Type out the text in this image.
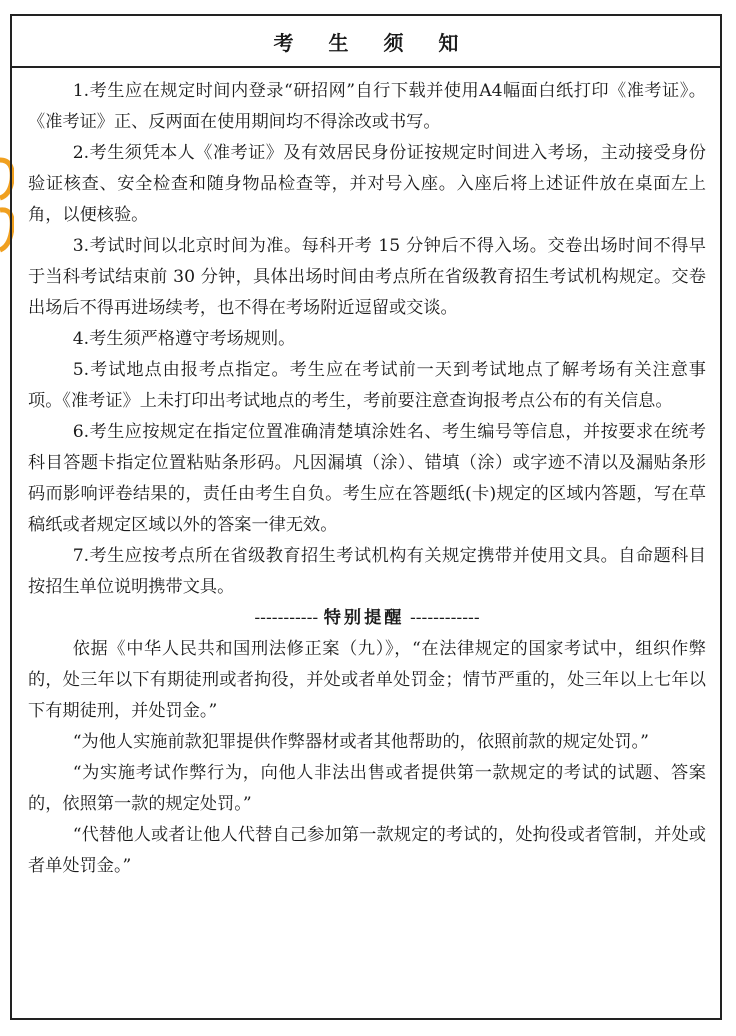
考 生 须 知

1.考生应在规定时间内登录“研招网”自行下载并使用A4幅面白纸打印《准考证》。《准考证》正、反两面在使用期间均不得涂改或书写。

2.考生须凭本人《准考证》及有效居民身份证按规定时间进入考场，主动接受身份验证核查、安全检查和随身物品检查等，并对号入座。入座后将上述证件放在桌面左上角，以便核验。

3.考试时间以北京时间为准。每科开考 15 分钟后不得入场。交卷出场时间不得早于当科考试结束前 30 分钟，具体出场时间由考点所在省级教育招生考试机构规定。交卷出场后不得再进场续考，也不得在考场附近逗留或交谈。

4.考生须严格遵守考场规则。

5.考试地点由报考点指定。考生应在考试前一天到考试地点了解考场有关注意事项。《准考证》上未打印出考试地点的考生，考前要注意查询报考点公布的有关信息。

6.考生应按规定在指定位置准确清楚填涂姓名、考生编号等信息，并按要求在统考科目答题卡指定位置粘贴条形码。凡因漏填（涂）、错填（涂）或字迹不清以及漏贴条形码而影响评卷结果的，责任由考生自负。考生应在答题纸(卡)规定的区域内答题，写在草稿纸或者规定区域以外的答案一律无效。

7.考生应按考点所在省级教育招生考试机构有关规定携带并使用文具。自命题科目按招生单位说明携带文具。

----------- 特别提醒 ------------

依据《中华人民共和国刑法修正案（九）》，“在法律规定的国家考试中，组织作弊的，处三年以下有期徒刑或者拘役，并处或者单处罚金；情节严重的，处三年以上七年以下有期徒刑，并处罚金。”

“为他人实施前款犯罪提供作弊器材或者其他帮助的，依照前款的规定处罚。”

“为实施考试作弊行为，向他人非法出售或者提供第一款规定的考试的试题、答案的，依照第一款的规定处罚。”

“代替他人或者让他人代替自己参加第一款规定的考试的，处拘役或者管制，并处或者单处罚金。”
